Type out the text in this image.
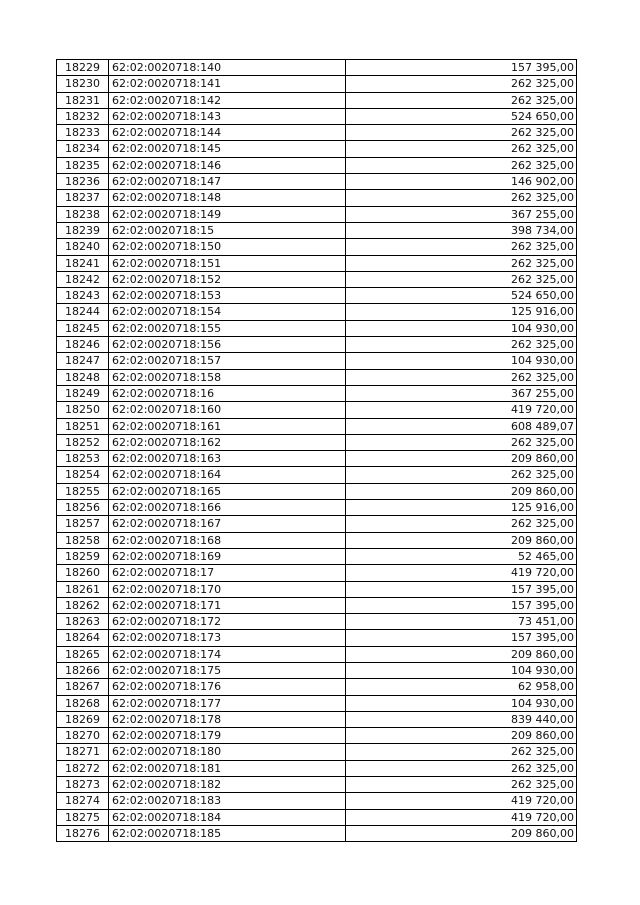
18229	62:02:0020718:140	157 395,00
18230	62:02:0020718:141	262 325,00
18231	62:02:0020718:142	262 325,00
18232	62:02:0020718:143	524 650,00
18233	62:02:0020718:144	262 325,00
18234	62:02:0020718:145	262 325,00
18235	62:02:0020718:146	262 325,00
18236	62:02:0020718:147	146 902,00
18237	62:02:0020718:148	262 325,00
18238	62:02:0020718:149	367 255,00
18239	62:02:0020718:15	398 734,00
18240	62:02:0020718:150	262 325,00
18241	62:02:0020718:151	262 325,00
18242	62:02:0020718:152	262 325,00
18243	62:02:0020718:153	524 650,00
18244	62:02:0020718:154	125 916,00
18245	62:02:0020718:155	104 930,00
18246	62:02:0020718:156	262 325,00
18247	62:02:0020718:157	104 930,00
18248	62:02:0020718:158	262 325,00
18249	62:02:0020718:16	367 255,00
18250	62:02:0020718:160	419 720,00
18251	62:02:0020718:161	608 489,07
18252	62:02:0020718:162	262 325,00
18253	62:02:0020718:163	209 860,00
18254	62:02:0020718:164	262 325,00
18255	62:02:0020718:165	209 860,00
18256	62:02:0020718:166	125 916,00
18257	62:02:0020718:167	262 325,00
18258	62:02:0020718:168	209 860,00
18259	62:02:0020718:169	52 465,00
18260	62:02:0020718:17	419 720,00
18261	62:02:0020718:170	157 395,00
18262	62:02:0020718:171	157 395,00
18263	62:02:0020718:172	73 451,00
18264	62:02:0020718:173	157 395,00
18265	62:02:0020718:174	209 860,00
18266	62:02:0020718:175	104 930,00
18267	62:02:0020718:176	62 958,00
18268	62:02:0020718:177	104 930,00
18269	62:02:0020718:178	839 440,00
18270	62:02:0020718:179	209 860,00
18271	62:02:0020718:180	262 325,00
18272	62:02:0020718:181	262 325,00
18273	62:02:0020718:182	262 325,00
18274	62:02:0020718:183	419 720,00
18275	62:02:0020718:184	419 720,00
18276	62:02:0020718:185	209 860,00
